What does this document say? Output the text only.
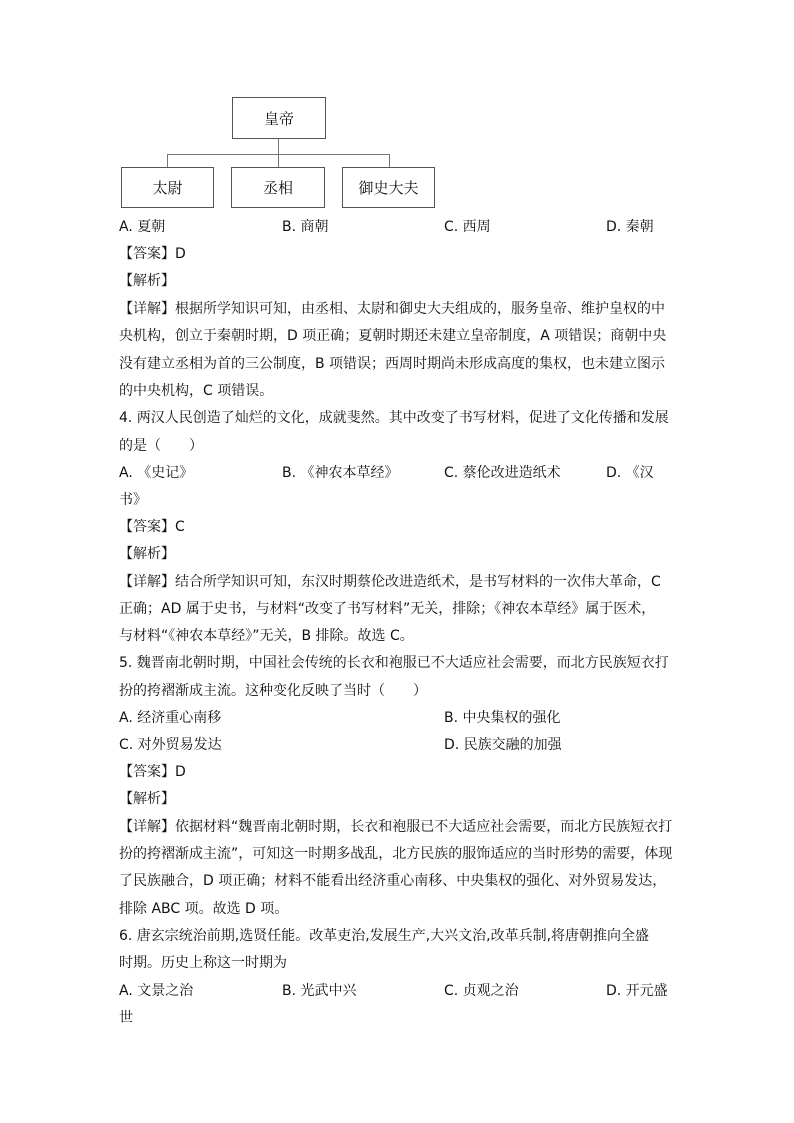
皇帝
太尉	丞相	御史大夫
A. 夏朝	B. 商朝	C. 西周	D. 秦朝
【答案】D
【解析】
【详解】根据所学知识可知，由丞相、太尉和御史大夫组成的，服务皇帝、维护皇权的中
央机构，创立于秦朝时期，D 项正确；夏朝时期还未建立皇帝制度，A 项错误；商朝中央
没有建立丞相为首的三公制度，B 项错误；西周时期尚未形成高度的集权，也未建立图示
的中央机构，C 项错误。
4. 两汉人民创造了灿烂的文化，成就斐然。其中改变了书写材料，促进了文化传播和发展
的是（　　）
A. 《史记》	B. 《神农本草经》	C. 蔡伦改进造纸术	D. 《汉
书》
【答案】C
【解析】
【详解】结合所学知识可知，东汉时期蔡伦改进造纸术，是书写材料的一次伟大革命，C
正确；AD 属于史书，与材料“改变了书写材料”无关，排除；《神农本草经》属于医术，
与材料“《神农本草经》”无关，B 排除。故选 C。
5. 魏晋南北朝时期，中国社会传统的长衣和袍服已不大适应社会需要，而北方民族短衣打
扮的挎褶渐成主流。这种变化反映了当时（　　）
A. 经济重心南移	B. 中央集权的强化
C. 对外贸易发达	D. 民族交融的加强
【答案】D
【解析】
【详解】依据材料“魏晋南北朝时期，长衣和袍服已不大适应社会需要，而北方民族短衣打
扮的挎褶渐成主流”，可知这一时期多战乱，北方民族的服饰适应的当时形势的需要，体现
了民族融合，D 项正确；材料不能看出经济重心南移、中央集权的强化、对外贸易发达，
排除 ABC 项。故选 D 项。
6. 唐玄宗统治前期,选贤任能。改革吏治,发展生产,大兴文治,改革兵制,将唐朝推向全盛
时期。历史上称这一时期为
A. 文景之治	B. 光武中兴	C. 贞观之治	D. 开元盛
世
